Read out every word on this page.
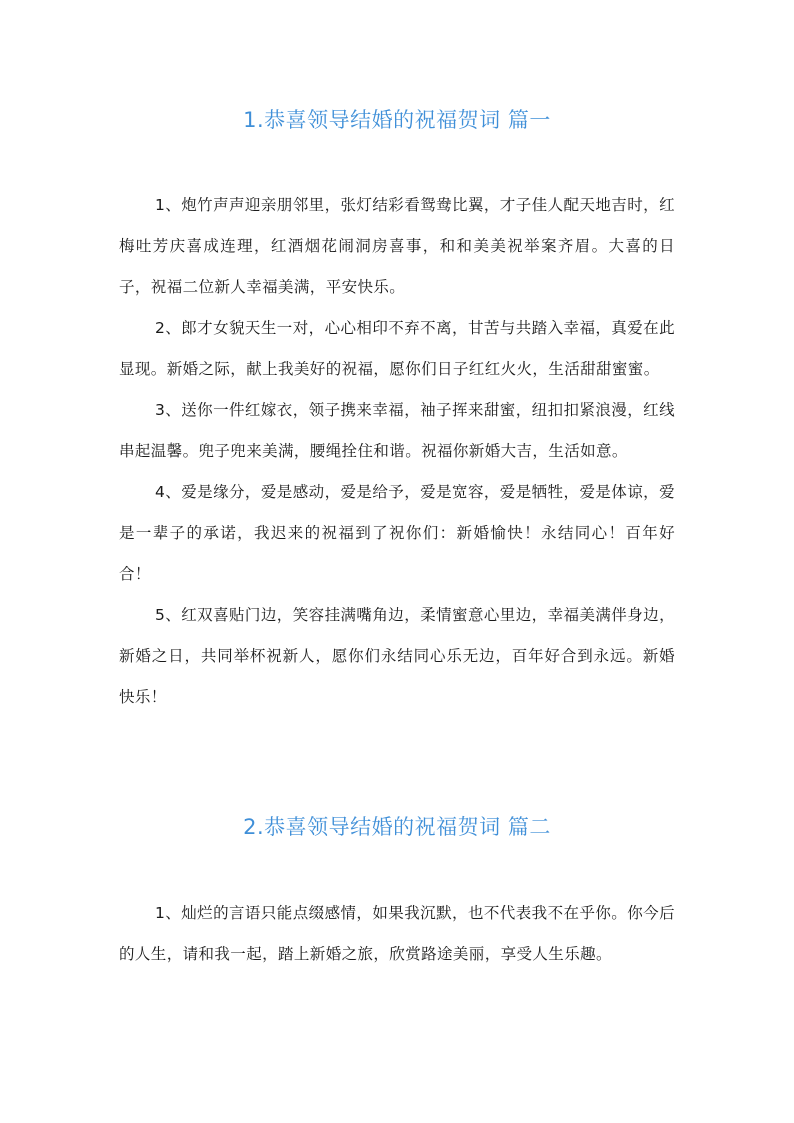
1.恭喜领导结婚的祝福贺词 篇一

1、炮竹声声迎亲朋邻里，张灯结彩看鸳鸯比翼，才子佳人配天地吉时，红梅吐芳庆喜成连理，红酒烟花闹洞房喜事，和和美美祝举案齐眉。大喜的日子，祝福二位新人幸福美满，平安快乐。

2、郎才女貌天生一对，心心相印不弃不离，甘苦与共踏入幸福，真爱在此显现。新婚之际，献上我美好的祝福，愿你们日子红红火火，生活甜甜蜜蜜。

3、送你一件红嫁衣，领子携来幸福，袖子挥来甜蜜，纽扣扣紧浪漫，红线串起温馨。兜子兜来美满，腰绳拴住和谐。祝福你新婚大吉，生活如意。

4、爱是缘分，爱是感动，爱是给予，爱是宽容，爱是牺牲，爱是体谅，爱是一辈子的承诺，我迟来的祝福到了祝你们：新婚愉快！永结同心！百年好合！

5、红双喜贴门边，笑容挂满嘴角边，柔情蜜意心里边，幸福美满伴身边，新婚之日，共同举杯祝新人，愿你们永结同心乐无边，百年好合到永远。新婚快乐！

2.恭喜领导结婚的祝福贺词 篇二

1、灿烂的言语只能点缀感情，如果我沉默，也不代表我不在乎你。你今后的人生，请和我一起，踏上新婚之旅，欣赏路途美丽，享受人生乐趣。
